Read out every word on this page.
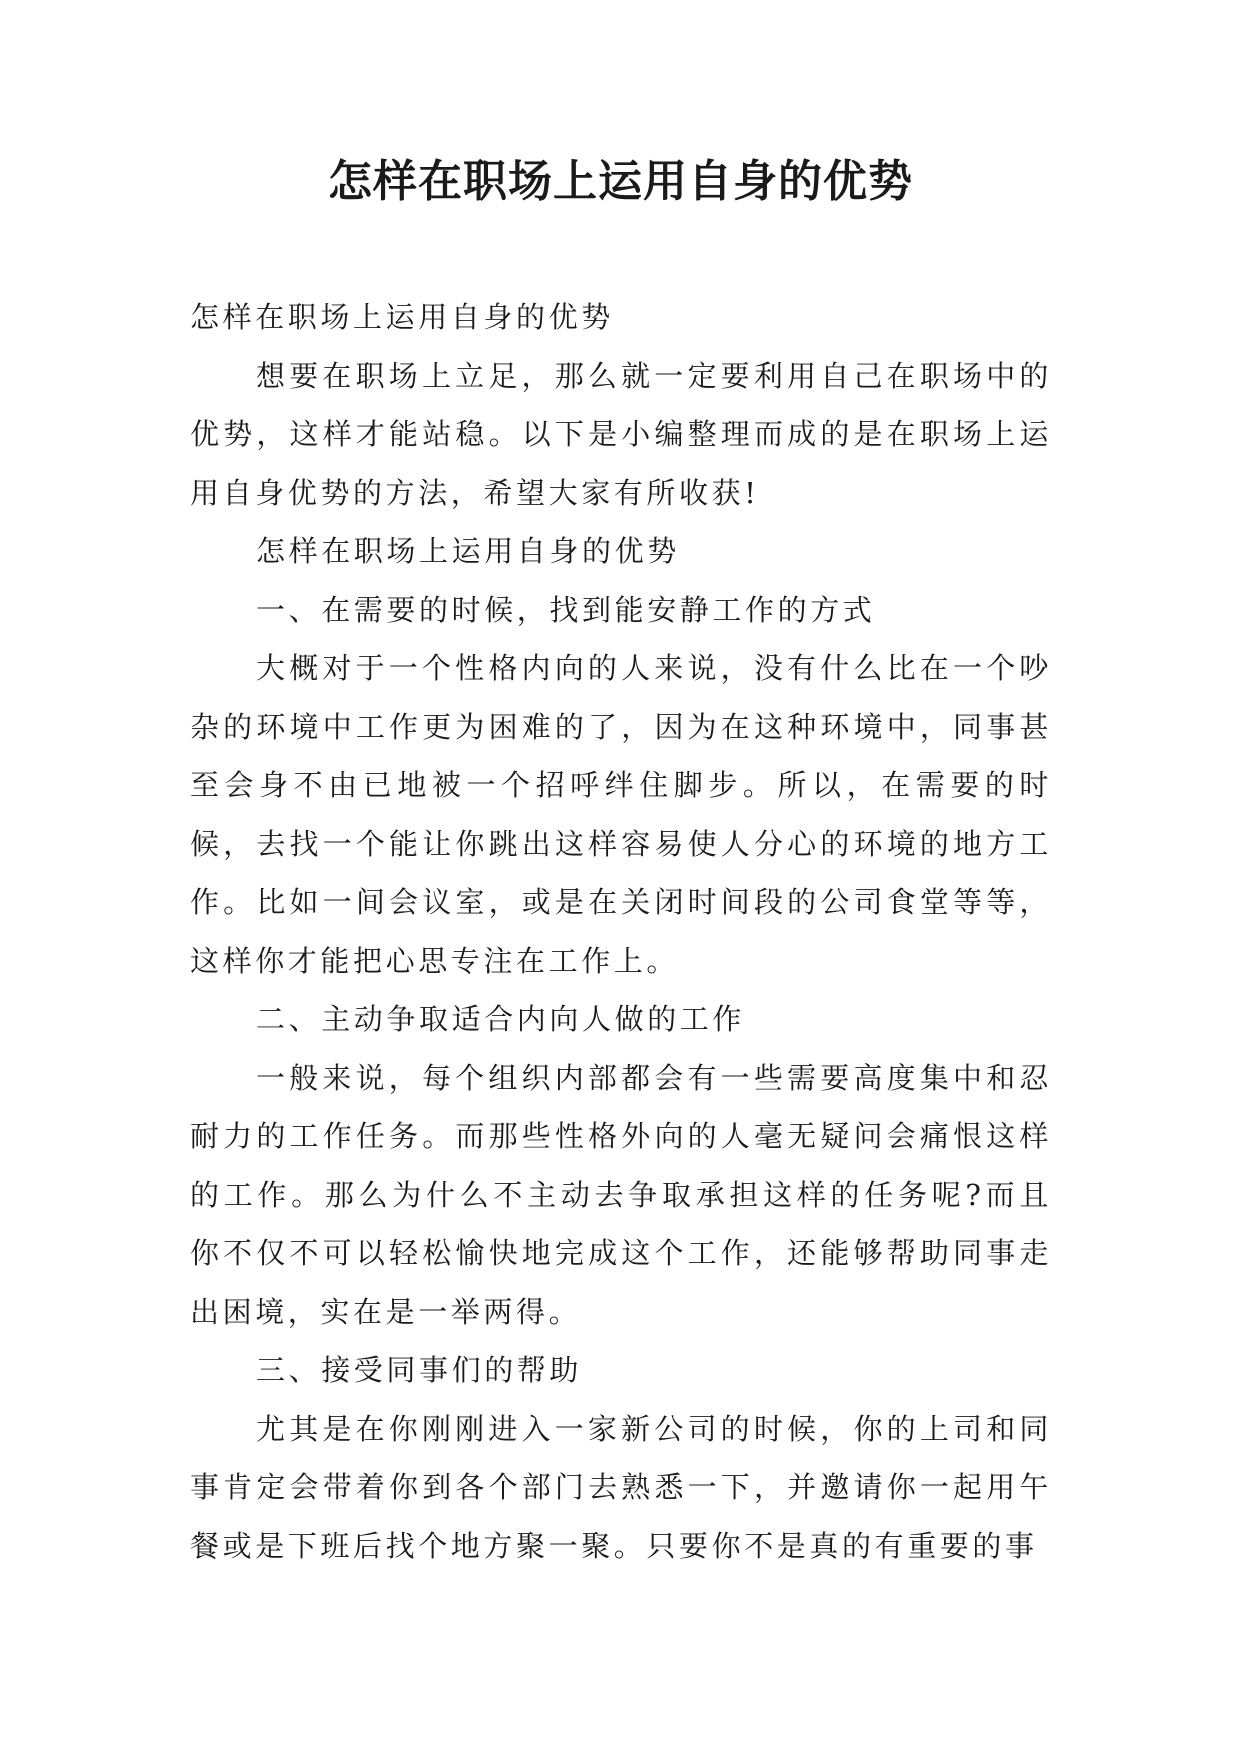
怎样在职场上运用自身的优势

怎样在职场上运用自身的优势

想要在职场上立足，那么就一定要利用自己在职场中的优势，这样才能站稳。以下是小编整理而成的是在职场上运用自身优势的方法，希望大家有所收获!

怎样在职场上运用自身的优势

一、在需要的时候，找到能安静工作的方式

大概对于一个性格内向的人来说，没有什么比在一个吵杂的环境中工作更为困难的了，因为在这种环境中，同事甚至会身不由已地被一个招呼绊住脚步。所以，在需要的时候，去找一个能让你跳出这样容易使人分心的环境的地方工作。比如一间会议室，或是在关闭时间段的公司食堂等等，这样你才能把心思专注在工作上。

二、主动争取适合内向人做的工作

一般来说，每个组织内部都会有一些需要高度集中和忍耐力的工作任务。而那些性格外向的人毫无疑问会痛恨这样的工作。那么为什么不主动去争取承担这样的任务呢?而且你不仅不可以轻松愉快地完成这个工作，还能够帮助同事走出困境，实在是一举两得。

三、接受同事们的帮助

尤其是在你刚刚进入一家新公司的时候，你的上司和同事肯定会带着你到各个部门去熟悉一下，并邀请你一起用午餐或是下班后找个地方聚一聚。只要你不是真的有重要的事
